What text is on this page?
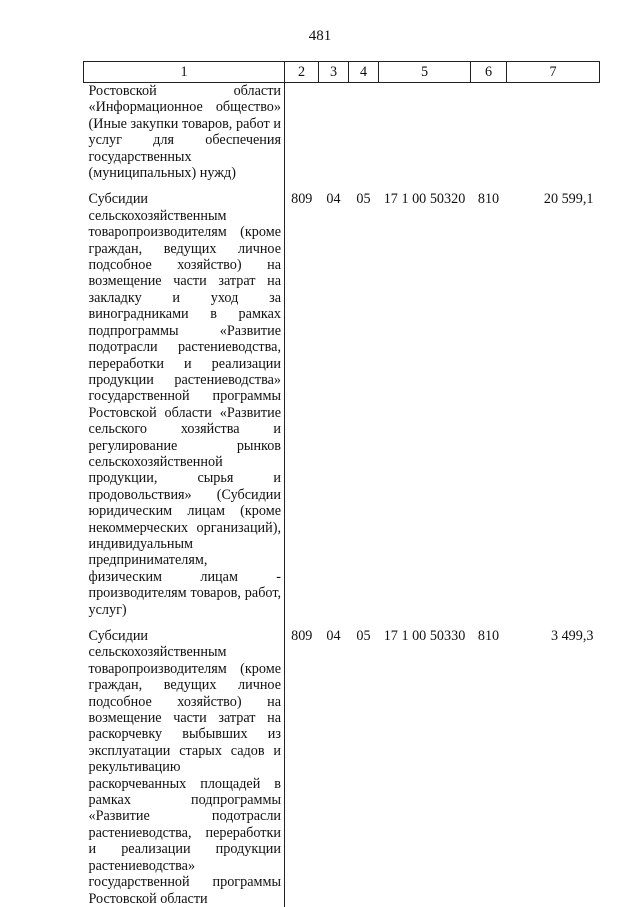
481
1	2	3	4	5	6	7
Ростовской области «Информационное общество» (Иные закупки товаров, работ и услуг для обеспечения государственных (муниципальных) нужд)						

Субсидии сельскохозяйственным товаропроизводителям (кроме граждан, ведущих личное подсобное хозяйство) на возмещение части затрат на закладку и уход за виноградниками в рамках подпрограммы «Развитие подотрасли растениеводства, переработки и реализации продукции растениеводства» государственной программы Ростовской области «Развитие сельского хозяйства и регулирование рынков сельскохозяйственной продукции, сырья и продовольствия» (Субсидии юридическим лицам (кроме некоммерческих организаций), индивидуальным предпринимателям, физическим лицам - производителям товаров, работ, услуг)	809	04	05	17 1 00 50320	810	20 599,1

Субсидии сельскохозяйственным товаропроизводителям (кроме граждан, ведущих личное подсобное хозяйство) на возмещение части затрат на раскорчевку выбывших из эксплуатации старых садов и рекультивацию раскорчеванных площадей в рамках подпрограммы «Развитие подотрасли растениеводства, переработки и реализации продукции растениеводства» государственной программы Ростовской области	809	04	05	17 1 00 50330	810	3 499,3
